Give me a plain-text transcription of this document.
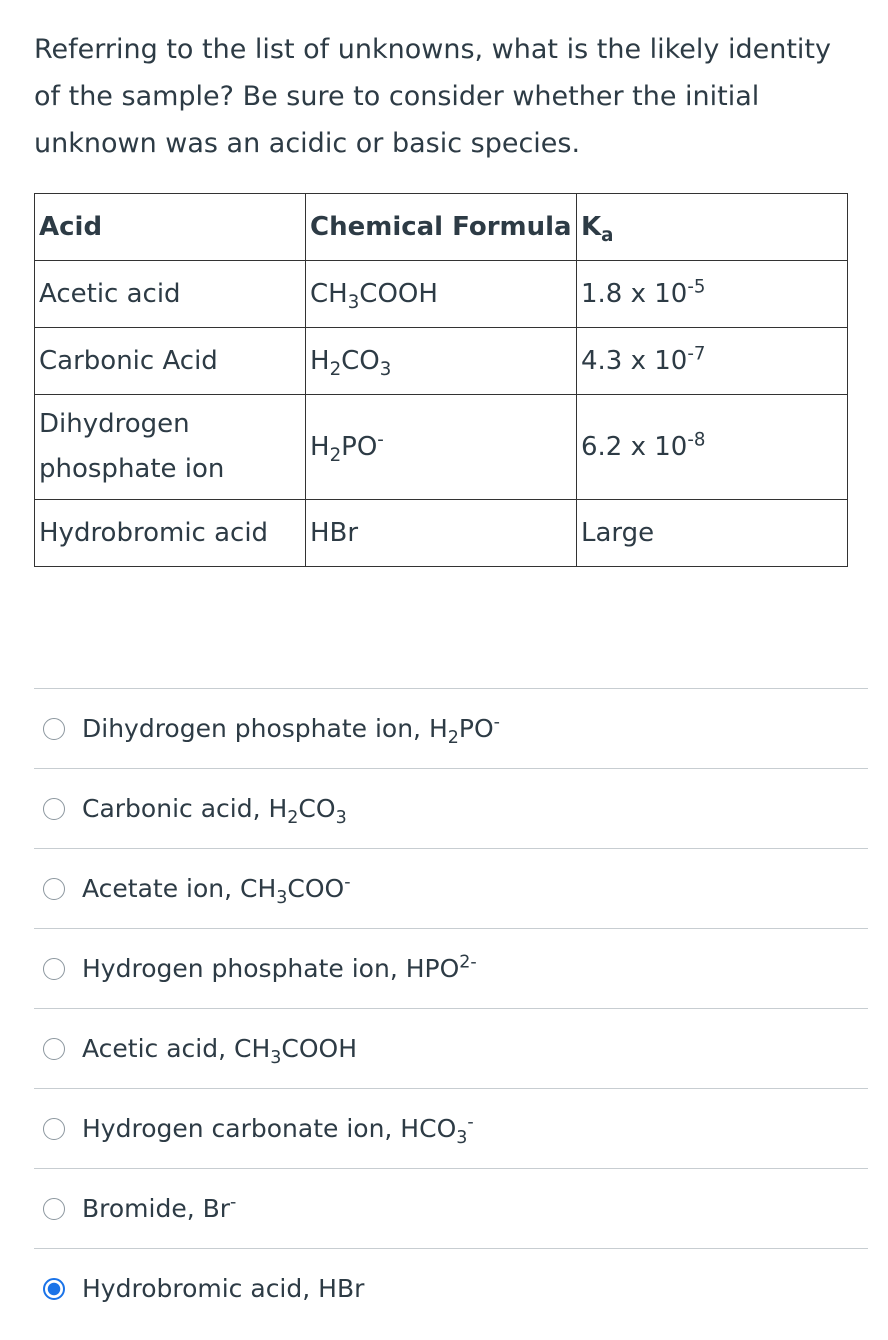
Referring to the list of unknowns, what is the likely identity of the sample? Be sure to consider whether the initial unknown was an acidic or basic species.

Acid	Chemical Formula	$K_a$
Acetic acid	$CH_3COOH$	1.8 x $10^{-5}$
Carbonic Acid	$H_2CO_3$	4.3 x $10^{-7}$
Dihydrogen phosphate ion	$H_2PO^-$	6.2 x $10^{-8}$
Hydrobromic acid	HBr	Large
Dihydrogen phosphate ion, $H_2PO^-$
Carbonic acid, $H_2CO_3$
Acetate ion, $CH_3COO^-$
Hydrogen phosphate ion, $HPO^{2-}$
Acetic acid, $CH_3COOH$
Hydrogen carbonate ion, $HCO_3^-$
Bromide, Br-
Hydrobromic acid, HBr
